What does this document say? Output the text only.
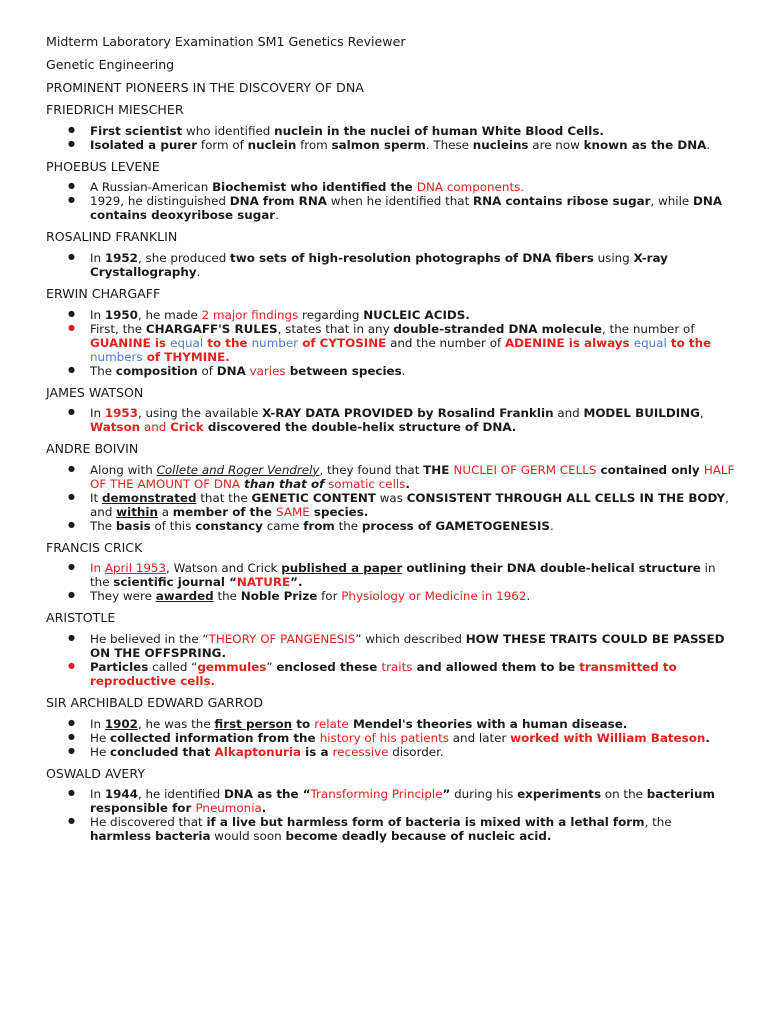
Midterm Laboratory Examination SM1 Genetics Reviewer

Genetic Engineering

PROMINENT PIONEERS IN THE DISCOVERY OF DNA

FRIEDRICH MIESCHER

● First scientist who identified nuclein in the nuclei of human White Blood Cells.
● Isolated a purer form of nuclein from salmon sperm. These nucleins are now known as the DNA.

PHOEBUS LEVENE

● A Russian-American Biochemist who identified the DNA components.
● 1929, he distinguished DNA from RNA when he identified that RNA contains ribose sugar, while DNA contains deoxyribose sugar.

ROSALIND FRANKLIN

● In 1952, she produced two sets of high-resolution photographs of DNA fibers using X-ray Crystallography.

ERWIN CHARGAFF

● In 1950, he made 2 major findings regarding NUCLEIC ACIDS.
● First, the CHARGAFF'S RULES, states that in any double-stranded DNA molecule, the number of GUANINE is equal to the number of CYTOSINE and the number of ADENINE is always equal to the numbers of THYMINE.
● The composition of DNA varies between species.

JAMES WATSON

● In 1953, using the available X-RAY DATA PROVIDED by Rosalind Franklin and MODEL BUILDING, Watson and Crick discovered the double-helix structure of DNA.

ANDRE BOIVIN

● Along with Collete and Roger Vendrely, they found that THE NUCLEI OF GERM CELLS contained only HALF OF THE AMOUNT OF DNA than that of somatic cells.
● It demonstrated that the GENETIC CONTENT was CONSISTENT THROUGH ALL CELLS IN THE BODY, and within a member of the SAME species.
● The basis of this constancy came from the process of GAMETOGENESIS.

FRANCIS CRICK

● In April 1953, Watson and Crick published a paper outlining their DNA double-helical structure in the scientific journal “NATURE”.
● They were awarded the Noble Prize for Physiology or Medicine in 1962.

ARISTOTLE

● He believed in the “THEORY OF PANGENESIS” which described HOW THESE TRAITS COULD BE PASSED ON THE OFFSPRING.
● Particles called “gemmules” enclosed these traits and allowed them to be transmitted to reproductive cells.

SIR ARCHIBALD EDWARD GARROD

● In 1902, he was the first person to relate Mendel's theories with a human disease.
● He collected information from the history of his patients and later worked with William Bateson.
● He concluded that Alkaptonuria is a recessive disorder.

OSWALD AVERY

● In 1944, he identified DNA as the “Transforming Principle” during his experiments on the bacterium responsible for Pneumonia.
● He discovered that if a live but harmless form of bacteria is mixed with a lethal form, the harmless bacteria would soon become deadly because of nucleic acid.
